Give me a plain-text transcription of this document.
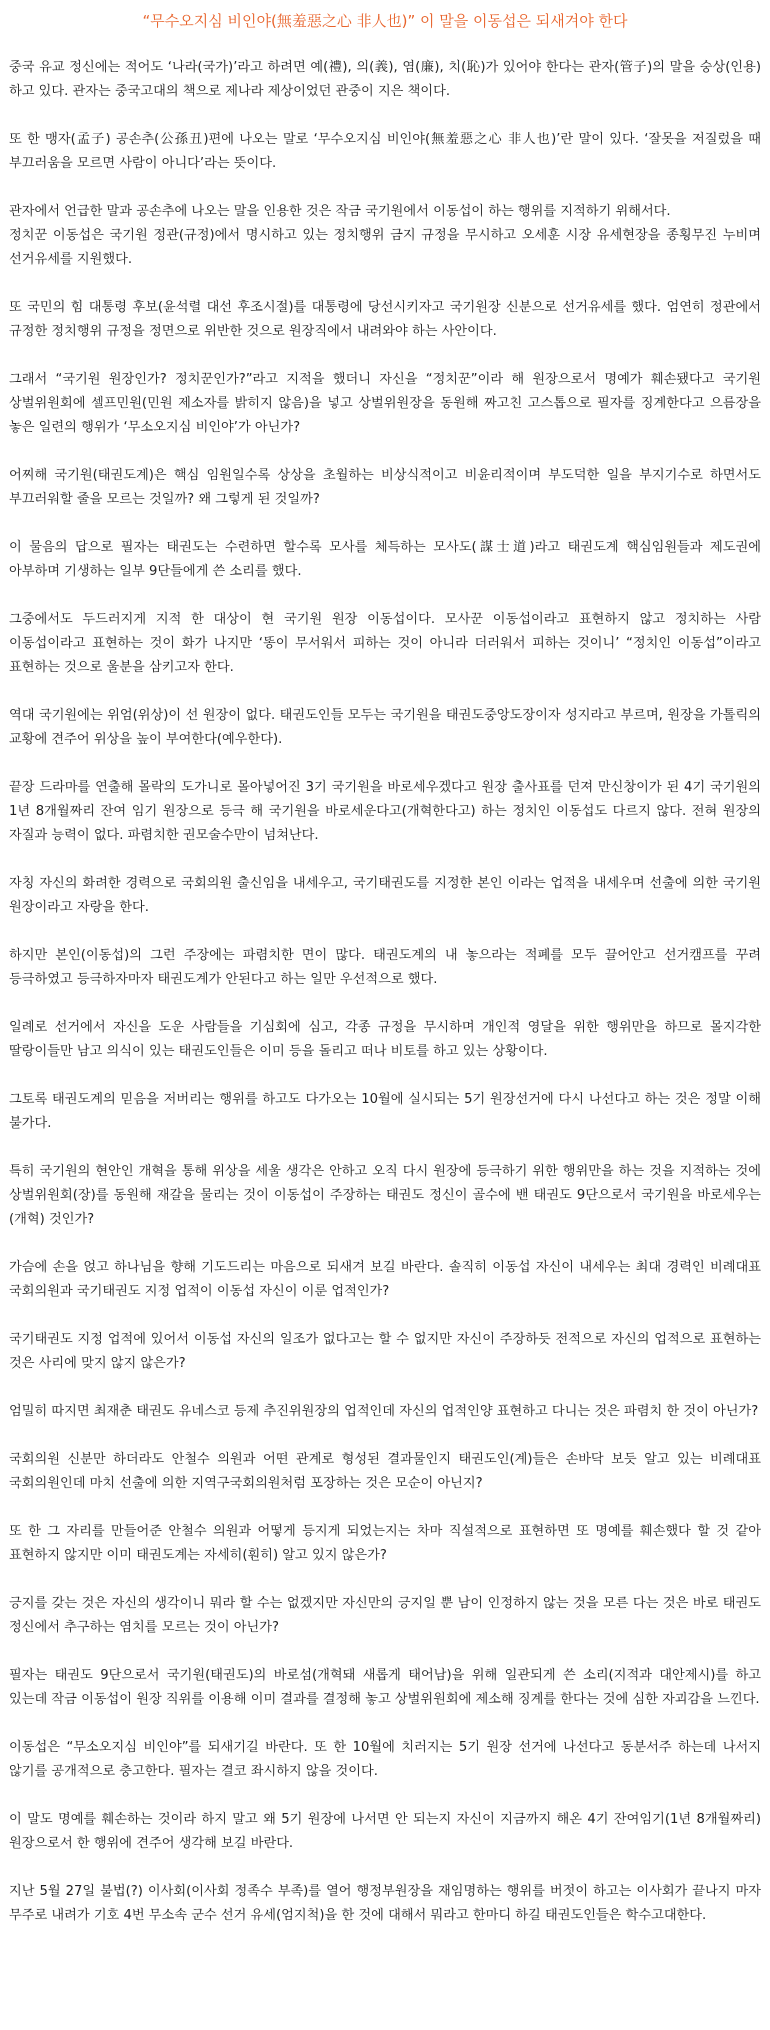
“무수오지심 비인야(無羞惡之心 非人也)” 이 말을 이동섭은 되새겨야 한다

중국 유교 정신에는 적어도 ‘나라(국가)’라고 하려면 예(禮), 의(義), 염(廉), 치(恥)가 있어야 한다는 관자(管子)의 말을 숭상(인용)하고 있다. 관자는 중국고대의 책으로 제나라 제상이었던 관중이 지은 책이다.

또 한 맹자(孟子) 공손추(公孫丑)편에 나오는 말로 ‘무수오지심 비인야(無羞惡之心 非人也)’란 말이 있다. ‘잘못을 저질렀을 때 부끄러움을 모르면 사람이 아니다’라는 뜻이다.

관자에서 언급한 말과 공손추에 나오는 말을 인용한 것은 작금 국기원에서 이동섭이 하는 행위를 지적하기 위해서다.

정치꾼 이동섭은 국기원 정관(규정)에서 명시하고 있는 정치행위 금지 규정을 무시하고 오세훈 시장 유세현장을 종횡무진 누비며 선거유세를 지원했다.

또 국민의 힘 대통령 후보(윤석렬 대선 후조시절)를 대통령에 당선시키자고 국기원장 신분으로 선거유세를 했다. 엄연히 정관에서 규정한 정치행위 규정을 정면으로 위반한 것으로 원장직에서 내려와야 하는 사안이다.

그래서 “국기원 원장인가? 정치꾼인가?”라고 지적을 했더니 자신을 “정치꾼”이라 해 원장으로서 명예가 훼손됐다고 국기원 상벌위원회에 셀프민원(민원 제소자를 밝히지 않음)을 넣고 상벌위원장을 동원해 짜고친 고스톱으로 필자를 징계한다고 으름장을 놓은 일련의 행위가 ‘무소오지심 비인야’가 아닌가?

어찌해 국기원(태권도계)은 핵심 임원일수록 상상을 초월하는 비상식적이고 비윤리적이며 부도덕한 일을 부지기수로 하면서도 부끄러워할 줄을 모르는 것일까? 왜 그렇게 된 것일까?

이 물음의 답으로 필자는 태권도는 수련하면 할수록 모사를 체득하는 모사도(謀士道)라고 태권도계 핵심임원들과 제도권에 아부하며 기생하는 일부 9단들에게 쓴 소리를 했다.

그중에서도 두드러지게 지적 한 대상이 현 국기원 원장 이동섭이다. 모사꾼 이동섭이라고 표현하지 않고 정치하는 사람 이동섭이라고 표현하는 것이 화가 나지만 ‘똥이 무서워서 피하는 것이 아니라 더러워서 피하는 것이니’ “정치인 이동섭”이라고 표현하는 것으로 울분을 삼키고자 한다.

역대 국기원에는 위엄(위상)이 선 원장이 없다. 태권도인들 모두는 국기원을 태권도중앙도장이자 성지라고 부르며, 원장을 가톨릭의 교황에 견주어 위상을 높이 부여한다(예우한다).

끝장 드라마를 연출해 몰락의 도가니로 몰아넣어진 3기 국기원을 바로세우겠다고 원장 출사표를 던져 만신창이가 된 4기 국기원의 1년 8개월짜리 잔여 임기 원장으로 등극 해 국기원을 바로세운다고(개혁한다고) 하는 정치인 이동섭도 다르지 않다. 전혀 원장의 자질과 능력이 없다. 파렴치한 권모술수만이 넘쳐난다.

자칭 자신의 화려한 경력으로 국회의원 출신임을 내세우고, 국기태권도를 지정한 본인 이라는 업적을 내세우며 선출에 의한 국기원 원장이라고 자랑을 한다.

하지만 본인(이동섭)의 그런 주장에는 파렴치한 면이 많다. 태권도계의 내 놓으라는 적폐를 모두 끌어안고 선거캠프를 꾸려 등극하였고 등극하자마자 태권도계가 안된다고 하는 일만 우선적으로 했다.

일례로 선거에서 자신을 도운 사람들을 기심회에 심고, 각종 규정을 무시하며 개인적 영달을 위한 행위만을 하므로 몰지각한 딸랑이들만 남고 의식이 있는 태권도인들은 이미 등을 돌리고 떠나 비토를 하고 있는 상황이다.

그토록 태권도계의 믿음을 저버리는 행위를 하고도 다가오는 10월에 실시되는 5기 원장선거에 다시 나선다고 하는 것은 정말 이해 불가다.

특히 국기원의 현안인 개혁을 통해 위상을 세울 생각은 안하고 오직 다시 원장에 등극하기 위한 행위만을 하는 것을 지적하는 것에 상벌위원회(장)를 동원해 재갈을 물리는 것이 이동섭이 주장하는 태권도 정신이 골수에 밴 태권도 9단으로서 국기원을 바로세우는(개혁) 것인가?

가슴에 손을 얹고 하나님을 향해 기도드리는 마음으로 되새겨 보길 바란다. 솔직히 이동섭 자신이 내세우는 최대 경력인 비례대표 국회의원과 국기태권도 지정 업적이 이동섭 자신이 이룬 업적인가?

국기태권도 지정 업적에 있어서 이동섭 자신의 일조가 없다고는 할 수 없지만 자신이 주장하듯 전적으로 자신의 업적으로 표현하는 것은 사리에 맞지 않지 않은가?

엄밀히 따지면 최재춘 태권도 유네스코 등제 추진위원장의 업적인데 자신의 업적인양 표현하고 다니는 것은 파렴치 한 것이 아닌가?

국회의원 신분만 하더라도 안철수 의원과 어떤 관계로 형성된 결과물인지 태권도인(계)들은 손바닥 보듯 알고 있는 비례대표 국회의원인데 마치 선출에 의한 지역구국회의원처럼 포장하는 것은 모순이 아닌지?

또 한 그 자리를 만들어준 안철수 의원과 어떻게 등지게 되었는지는 차마 직설적으로 표현하면 또 명예를 훼손했다 할 것 같아 표현하지 않지만 이미 태권도계는 자세히(훤히) 알고 있지 않은가?

긍지를 갖는 것은 자신의 생각이니 뭐라 할 수는 없겠지만 자신만의 긍지일 뿐 남이 인정하지 않는 것을 모른 다는 것은 바로 태권도 정신에서 추구하는 염치를 모르는 것이 아닌가?

필자는 태권도 9단으로서 국기원(태권도)의 바로섬(개혁돼 새롭게 태어남)을 위해 일관되게 쓴 소리(지적과 대안제시)를 하고 있는데 작금 이동섭이 원장 직위를 이용해 이미 결과를 결정해 놓고 상벌위원회에 제소해 징계를 한다는 것에 심한 자괴감을 느낀다.

이동섭은 “무소오지심 비인야”를 되새기길 바란다. 또 한 10월에 치러지는 5기 원장 선거에 나선다고 동분서주 하는데 나서지 않기를 공개적으로 충고한다. 필자는 결코 좌시하지 않을 것이다.

이 말도 명예를 훼손하는 것이라 하지 말고 왜 5기 원장에 나서면 안 되는지 자신이 지금까지 해온 4기 잔여임기(1년 8개월짜리) 원장으로서 한 행위에 견주어 생각해 보길 바란다.

지난 5월 27일 불법(?) 이사회(이사회 정족수 부족)를 열어 행정부원장을 재임명하는 행위를 버젓이 하고는 이사회가 끝나지 마자 무주로 내려가 기호 4번 무소속 군수 선거 유세(엄지척)을 한 것에 대해서 뭐라고 한마디 하길 태권도인들은 학수고대한다.
